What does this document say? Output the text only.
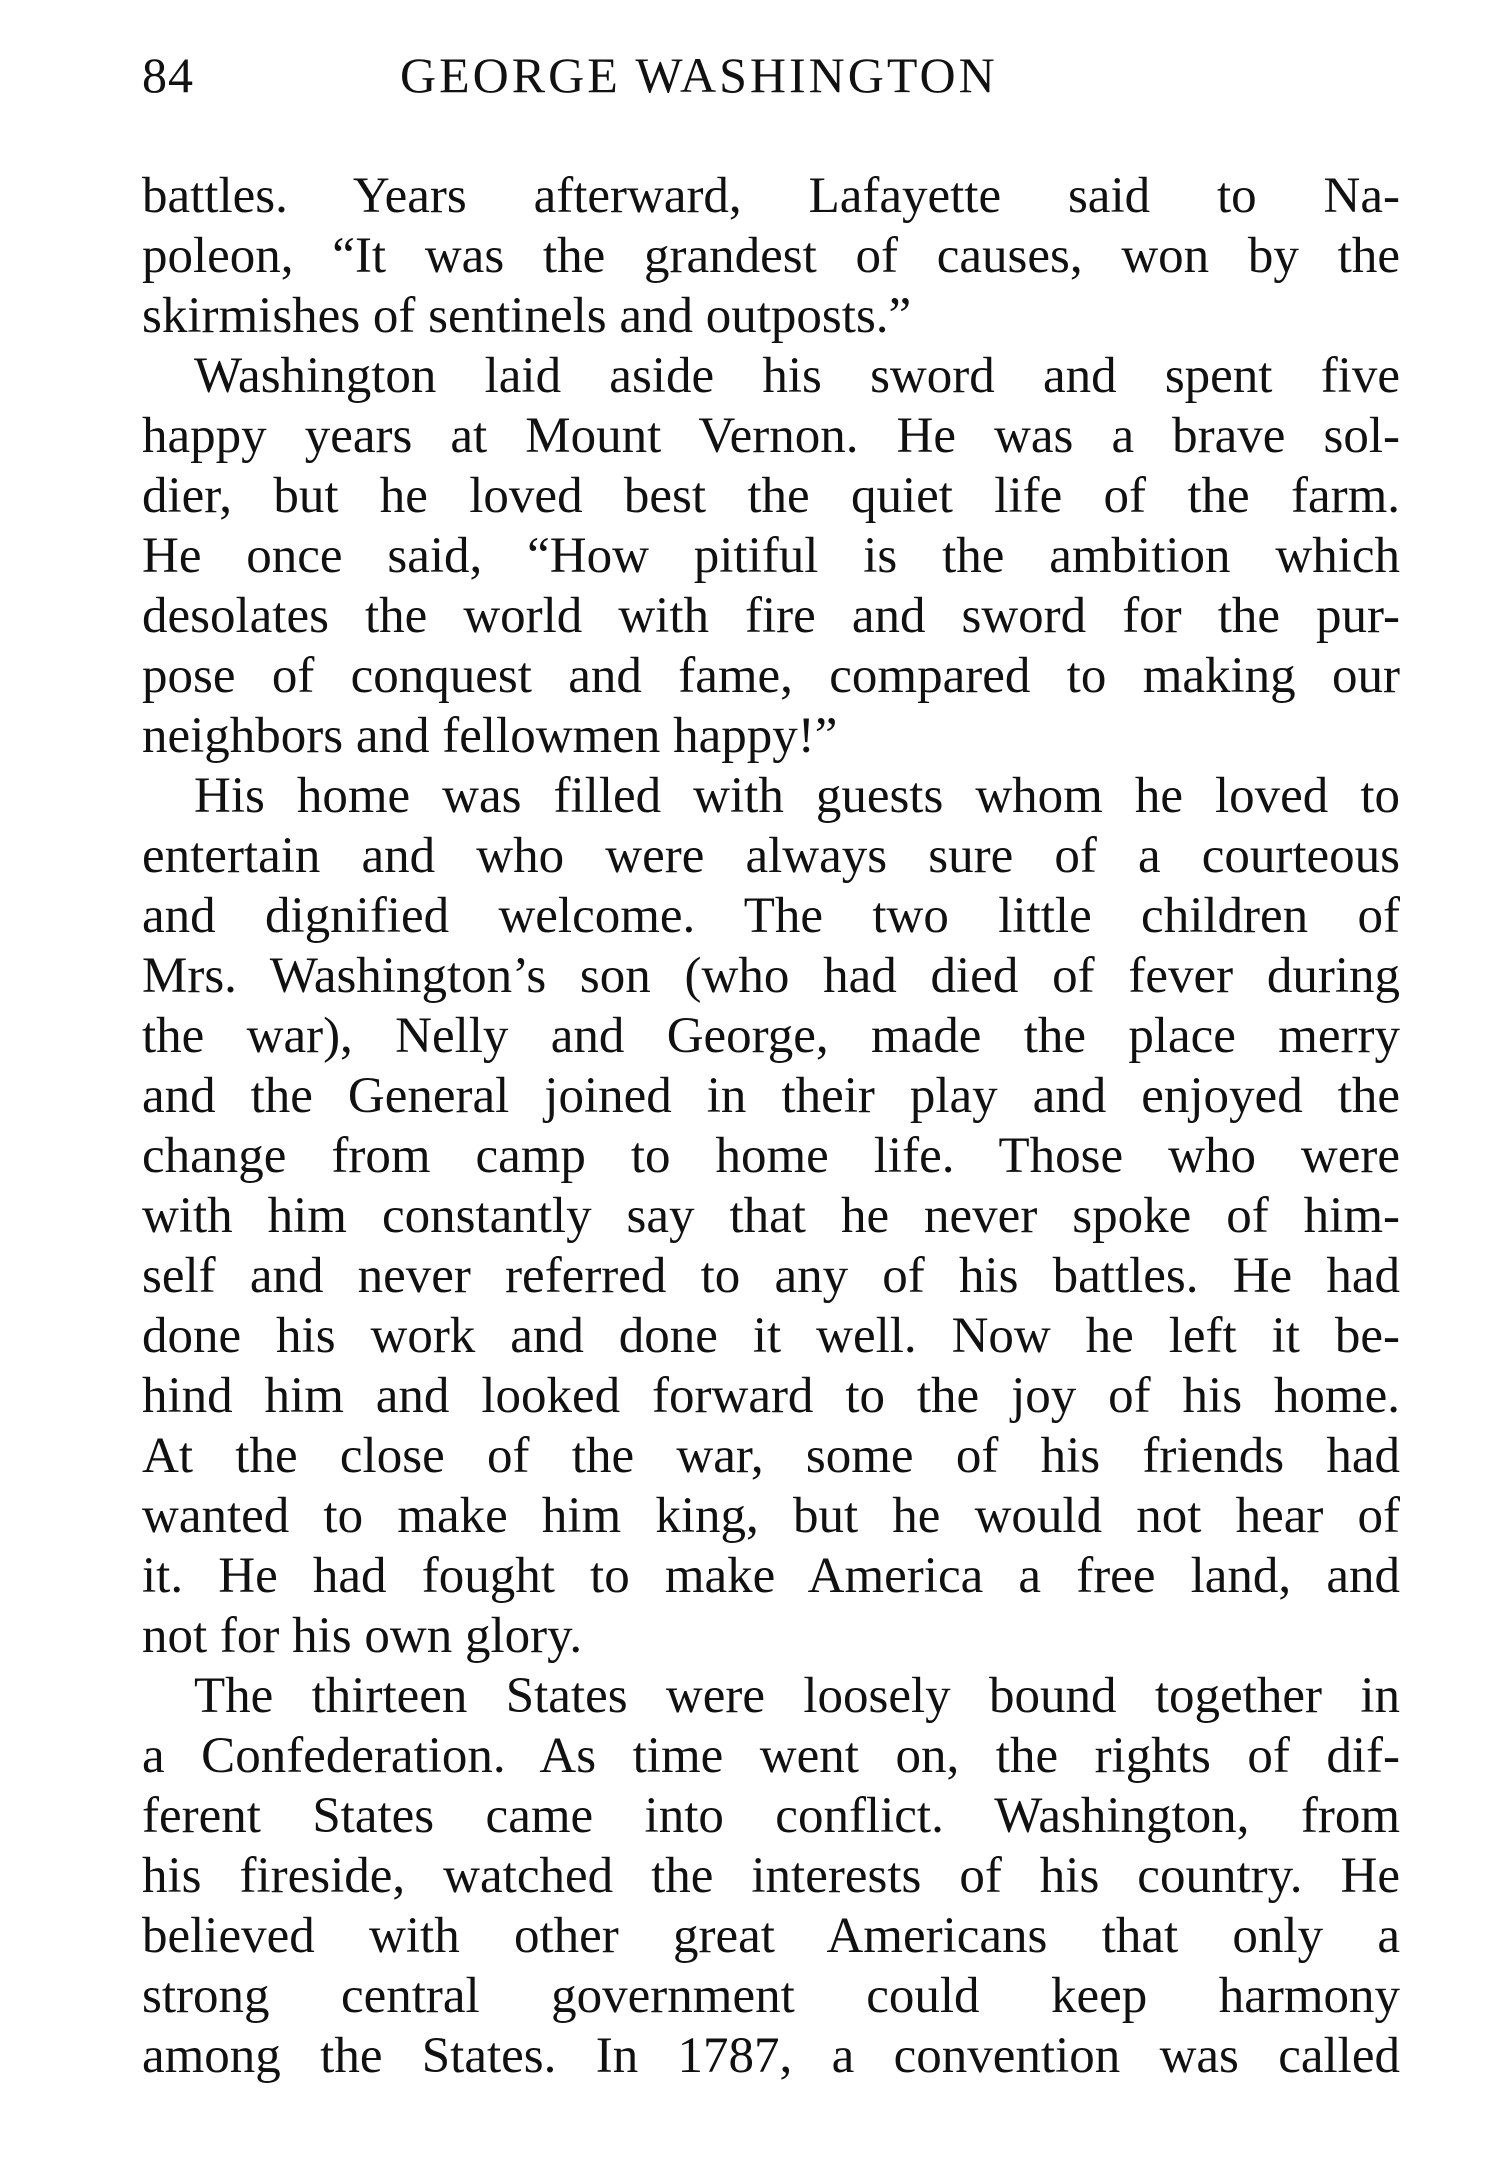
84	GEORGE WASHINGTON

battles. Years afterward, Lafayette said to Na-
poleon, “It was the grandest of causes, won by the
skirmishes of sentinels and outposts.”

Washington laid aside his sword and spent five
happy years at Mount Vernon. He was a brave sol-
dier, but he loved best the quiet life of the farm.
He once said, “How pitiful is the ambition which
desolates the world with fire and sword for the pur-
pose of conquest and fame, compared to making our
neighbors and fellowmen happy!”

His home was filled with guests whom he loved to
entertain and who were always sure of a courteous
and dignified welcome. The two little children of
Mrs. Washington’s son (who had died of fever during
the war), Nelly and George, made the place merry
and the General joined in their play and enjoyed the
change from camp to home life. Those who were
with him constantly say that he never spoke of him-
self and never referred to any of his battles. He had
done his work and done it well. Now he left it be-
hind him and looked forward to the joy of his home.
At the close of the war, some of his friends had
wanted to make him king, but he would not hear of
it. He had fought to make America a free land, and
not for his own glory.

The thirteen States were loosely bound together in
a Confederation. As time went on, the rights of dif-
ferent States came into conflict. Washington, from
his fireside, watched the interests of his country. He
believed with other great Americans that only a
strong central government could keep harmony
among the States. In 1787, a convention was called
